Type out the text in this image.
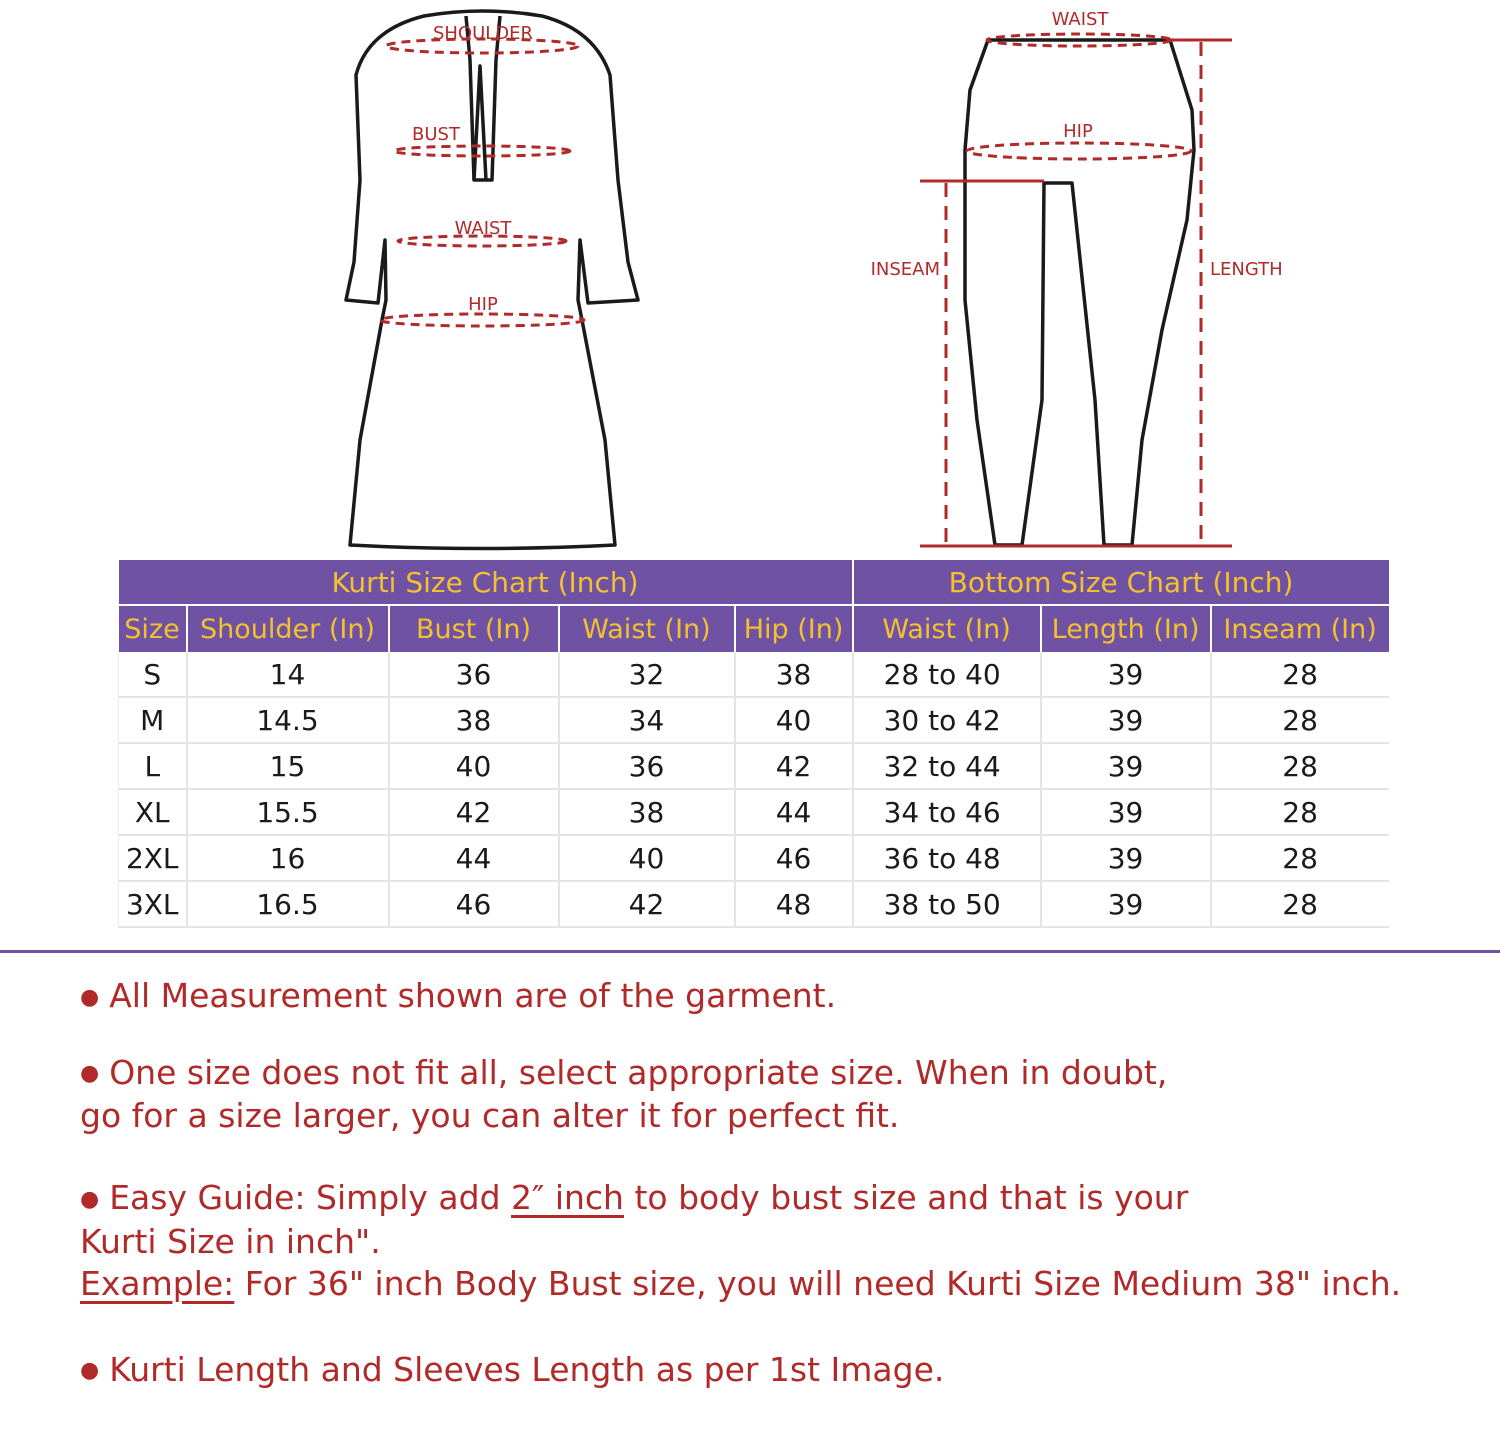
SHOULDER
BUST
WAIST
HIP
WAIST
HIP
INSEAM	LENGTH
Kurti Size Chart (Inch)					Bottom Size Chart (Inch)		
Size	Shoulder (In)	Bust (In)	Waist (In)	Hip (In)	Waist (In)	Length (In)	Inseam (In)
S	14	36	32	38	28 to 40	39	28
M	14.5	38	34	40	30 to 42	39	28
L	15	40	36	42	32 to 44	39	28
XL	15.5	42	38	44	34 to 46	39	28
2XL	16	44	40	46	36 to 48	39	28
3XL	16.5	46	42	48	38 to 50	39	28

● All Measurement shown are of the garment.

● One size does not fit all, select appropriate size. When in doubt,
go for a size larger, you can alter it for perfect fit.

● Easy Guide: Simply add 2″ inch to body bust size and that is your
Kurti Size in inch".
Example: For 36" inch Body Bust size, you will need Kurti Size Medium 38" inch.

● Kurti Length and Sleeves Length as per 1st Image.
